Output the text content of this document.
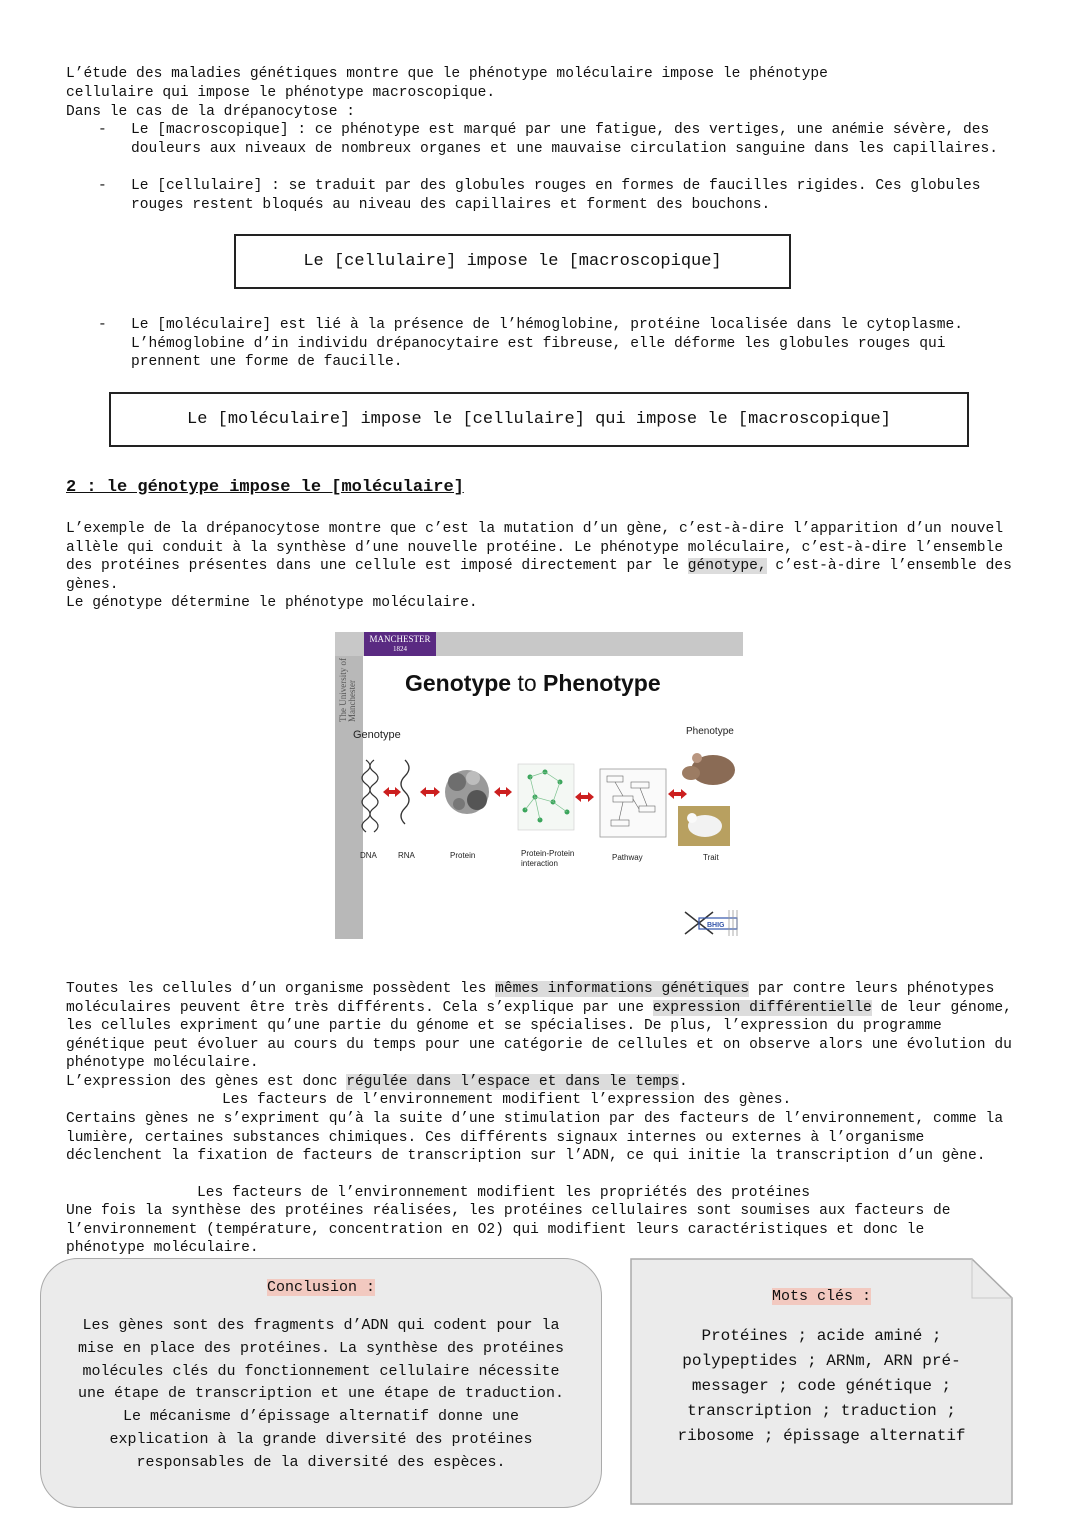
L’étude des maladies génétiques montre que le phénotype moléculaire impose le phénotype

cellulaire qui impose le phénotype macroscopique.

Dans le cas de la drépanocytose :

- Le [macroscopique] : ce phénotype est marqué par une fatigue, des vertiges, une anémie sévère, des douleurs aux niveaux de nombreux organes et une mauvaise circulation sanguine dans les capillaires.

- Le [cellulaire] : se traduit par des globules rouges en formes de faucilles rigides. Ces globules rouges restent bloqués au niveau des capillaires et forment des bouchons.

Le [cellulaire] impose le [macroscopique]
- Le [moléculaire] est lié à la présence de l’hémoglobine, protéine localisée dans le cytoplasme. L’hémoglobine d’in individu drépanocytaire est fibreuse, elle déforme les globules rouges qui prennent une forme de faucille.

Le [moléculaire] impose le [cellulaire] qui impose le [macroscopique]
2 : le génotype impose le [moléculaire]

L’exemple de la drépanocytose montre que c’est la mutation d’un gène, c’est-à-dire l’apparition d’un nouvel allèle qui conduit à la synthèse d’une nouvelle protéine. Le phénotype moléculaire, c’est-à-dire l’ensemble des protéines présentes dans une cellule est imposé directement par le génotype, c’est-à-dire l’ensemble des gènes.

Le génotype détermine le phénotype moléculaire.

MANCHESTER
1824
The University of Manchester Genotype to Phenotype
Genotype	Phenotype
BHIG
DNA	RNA	Protein	Protein-Protein
interaction
Pathway	Trait

Toutes les cellules d’un organisme possèdent les mêmes informations génétiques par contre leurs phénotypes moléculaires peuvent être très différents. Cela s’explique par une expression différentielle de leur génome, les cellules expriment qu’une partie du génome et se spécialises. De plus, l’expression du programme génétique peut évoluer au cours du temps pour une catégorie de cellules et on observe alors une évolution du phénotype moléculaire.

L’expression des gènes est donc régulée dans l’espace et dans le temps.

Les facteurs de l’environnement modifient l’expression des gènes.

Certains gènes ne s’expriment qu’à la suite d’une stimulation par des facteurs de l’environnement, comme la lumière, certaines substances chimiques. Ces différents signaux internes ou externes à l’organisme déclenchent la fixation de facteurs de transcription sur l’ADN, ce qui initie la transcription d’un gène.

Les facteurs de l’environnement modifient les propriétés des protéines

Une fois la synthèse des protéines réalisées, les protéines cellulaires sont soumises aux facteurs de l’environnement (température, concentration en O2) qui modifient leurs caractéristiques et donc le phénotype moléculaire.

Conclusion :
Les gènes sont des fragments d’ADN qui codent pour la mise en place des protéines. La synthèse des protéines molécules clés du fonctionnement cellulaire nécessite une étape de transcription et une étape de traduction. Le mécanisme d’épissage alternatif donne une explication à la grande diversité des protéines responsables de la diversité des espèces.
Mots clés :
Protéines ; acide aminé ; polypeptides ; ARNm, ARN pré-messager ; code génétique ; transcription ; traduction ; ribosome ; épissage alternatif
